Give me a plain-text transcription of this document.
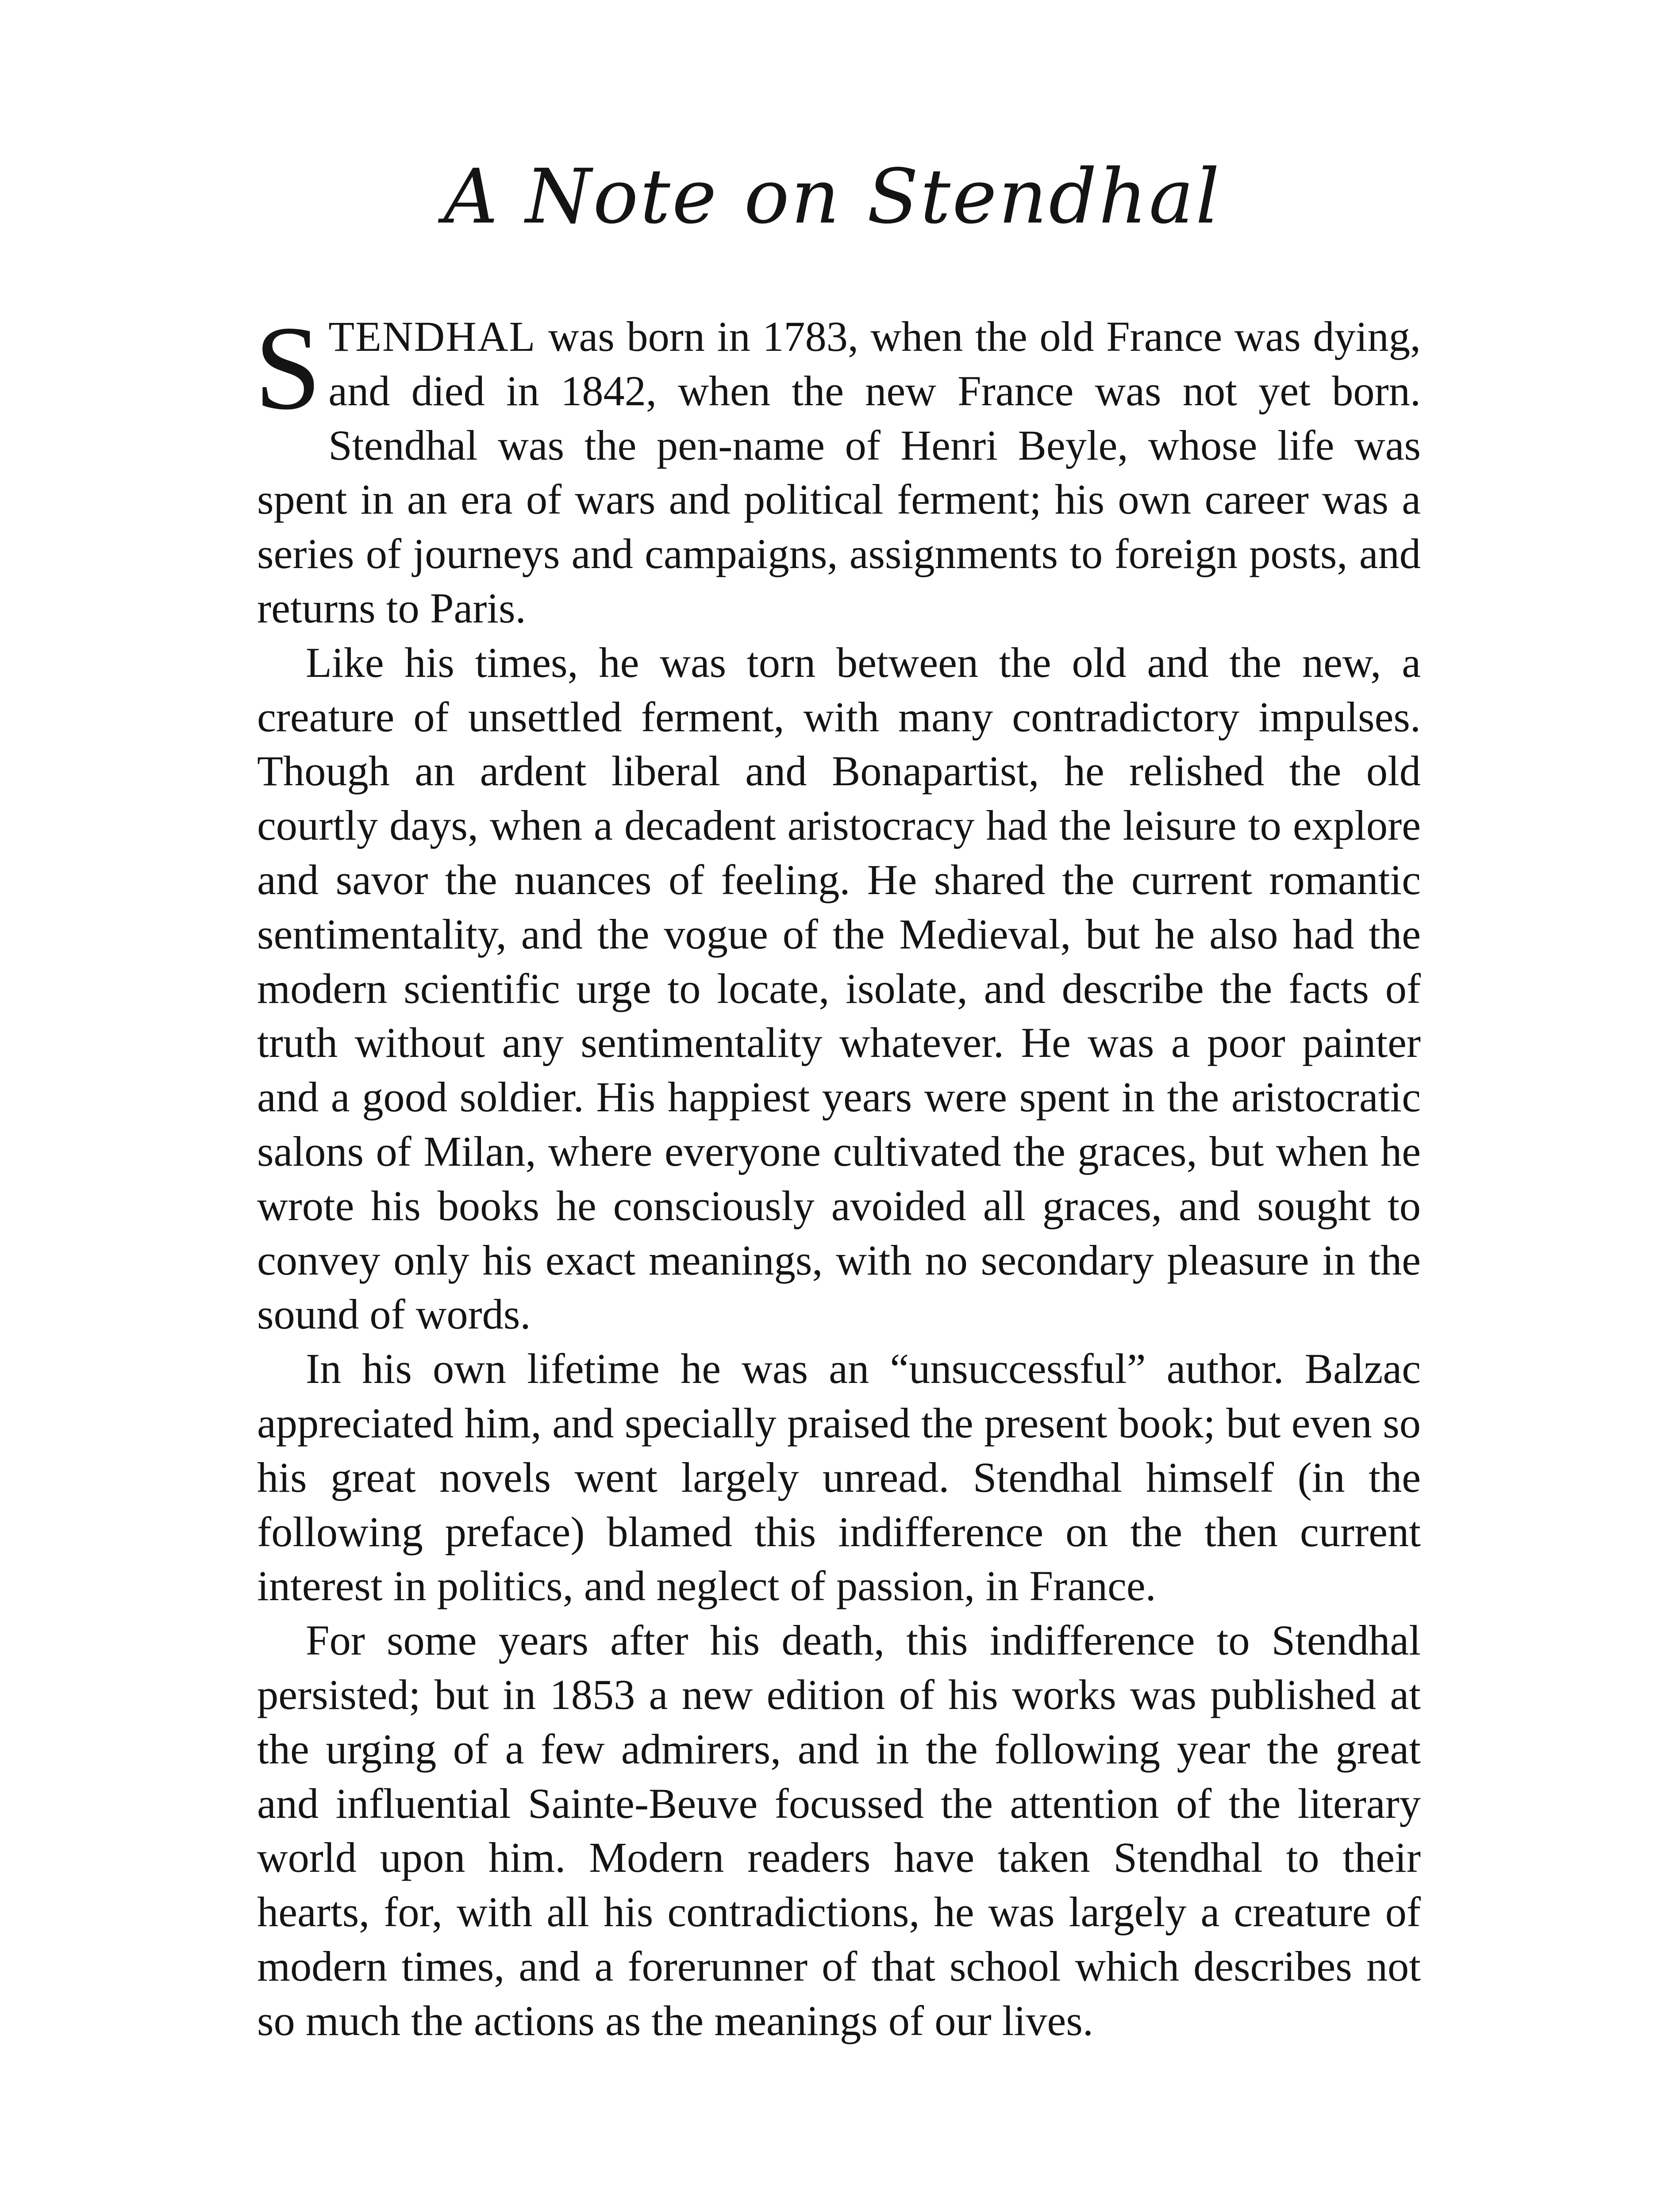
A Note on Stendhal

STENDHAL was born in 1783, when the old France was dying, and died in 1842, when the new France was not yet born. Stendhal was the pen-name of Henri Beyle, whose life was spent in an era of wars and political ferment; his own career was a series of journeys and campaigns, assignments to foreign posts, and returns to Paris.

Like his times, he was torn between the old and the new, a creature of unsettled ferment, with many contradictory impulses. Though an ardent liberal and Bonapartist, he relished the old courtly days, when a decadent aristocracy had the leisure to explore and savor the nuances of feeling. He shared the current romantic sentimentality, and the vogue of the Medieval, but he also had the modern scientific urge to locate, isolate, and describe the facts of truth without any sentimentality whatever. He was a poor painter and a good soldier. His happiest years were spent in the aristocratic salons of Milan, where everyone cultivated the graces, but when he wrote his books he consciously avoided all graces, and sought to convey only his exact meanings, with no secondary pleasure in the sound of words.

In his own lifetime he was an “unsuccessful” author. Balzac appreciated him, and specially praised the present book; but even so his great novels went largely unread. Stendhal himself (in the following preface) blamed this indifference on the then current interest in politics, and neglect of passion, in France.

For some years after his death, this indifference to Stendhal persisted; but in 1853 a new edition of his works was published at the urging of a few admirers, and in the following year the great and influential Sainte-Beuve focussed the attention of the literary world upon him. Modern readers have taken Stendhal to their hearts, for, with all his contradictions, he was largely a creature of modern times, and a forerunner of that school which describes not so much the actions as the meanings of our lives.
